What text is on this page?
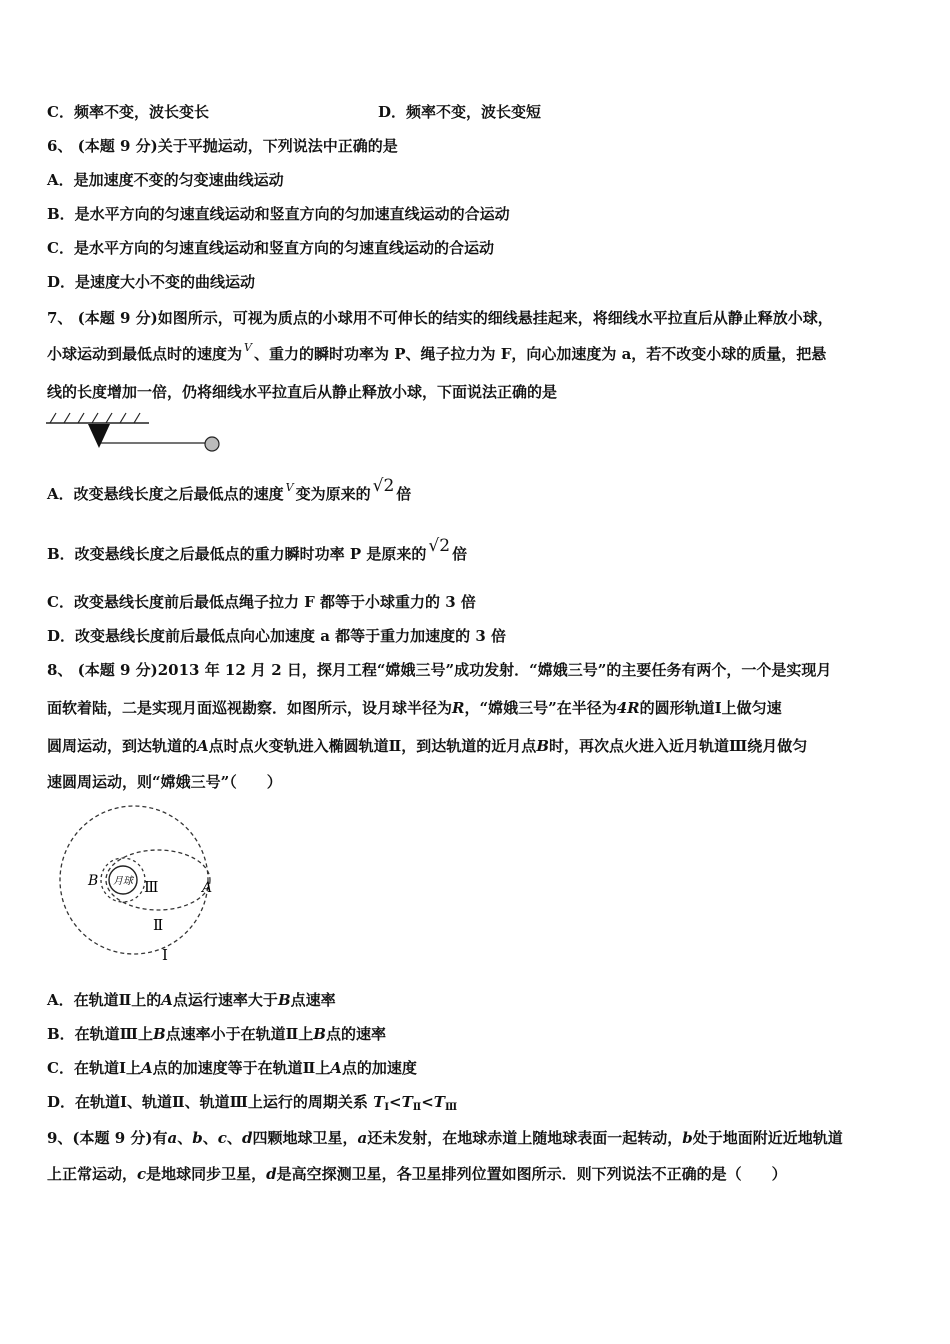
C．频率不变，波长变长	D．频率不变，波长变短
6、 (本题 9 分)关于平抛运动，下列说法中正确的是
A．是加速度不变的匀变速曲线运动
B．是水平方向的匀速直线运动和竖直方向的匀加速直线运动的合运动
C．是水平方向的匀速直线运动和竖直方向的匀速直线运动的合运动
D．是速度大小不变的曲线运动
7、 (本题 9 分)如图所示，可视为质点的小球用不可伸长的结实的细线悬挂起来，将细线水平拉直后从静止释放小球，
小球运动到最低点时的速度为 $^V$ 、重力的瞬时功率为 P、绳子拉力为 F，向心加速度为 a，若不改变小球的质量，把悬
线的长度增加一倍，仍将细线水平拉直后从静止释放小球，下面说法正确的是
A．改变悬线长度之后最低点的速度 $^V$ 变为原来的 √2 倍
B．改变悬线长度之后最低点的重力瞬时功率 P 是原来的 √2 倍
C．改变悬线长度前后最低点绳子拉力 F 都等于小球重力的 3 倍
D．改变悬线长度前后最低点向心加速度 a 都等于重力加速度的 3 倍
8、 (本题 9 分)2013 年 12 月 2 日，探月工程“嫦娥三号”成功发射．“嫦娥三号”的主要任务有两个，一个是实现月
面软着陆，二是实现月面巡视勘察．如图所示，设月球半径为R，“嫦娥三号”在半径为4R的圆形轨道Ⅰ上做匀速
圆周运动，到达轨道的A点时点火变轨进入椭圆轨道Ⅱ，到达轨道的近月点B时，再次点火进入近月轨道Ⅲ绕月做匀
速圆周运动，则“嫦娥三号”（　　）
月球
B	A
Ⅲ
Ⅱ
Ⅰ
A．在轨道Ⅱ上的A点运行速率大于B点速率
B．在轨道Ⅲ上B点速率小于在轨道Ⅱ上B点的速率
C．在轨道Ⅰ上A点的加速度等于在轨道Ⅱ上A点的加速度
D．在轨道Ⅰ、轨道Ⅱ、轨道Ⅲ上运行的周期关系 $T_Ⅰ<T_Ⅱ<T_Ⅲ$
9、(本题 9 分)有a、b、c、d四颗地球卫星，a还未发射，在地球赤道上随地球表面一起转动，b处于地面附近近地轨道
上正常运动，c是地球同步卫星，d是高空探测卫星，各卫星排列位置如图所示．则下列说法不正确的是（　　）
